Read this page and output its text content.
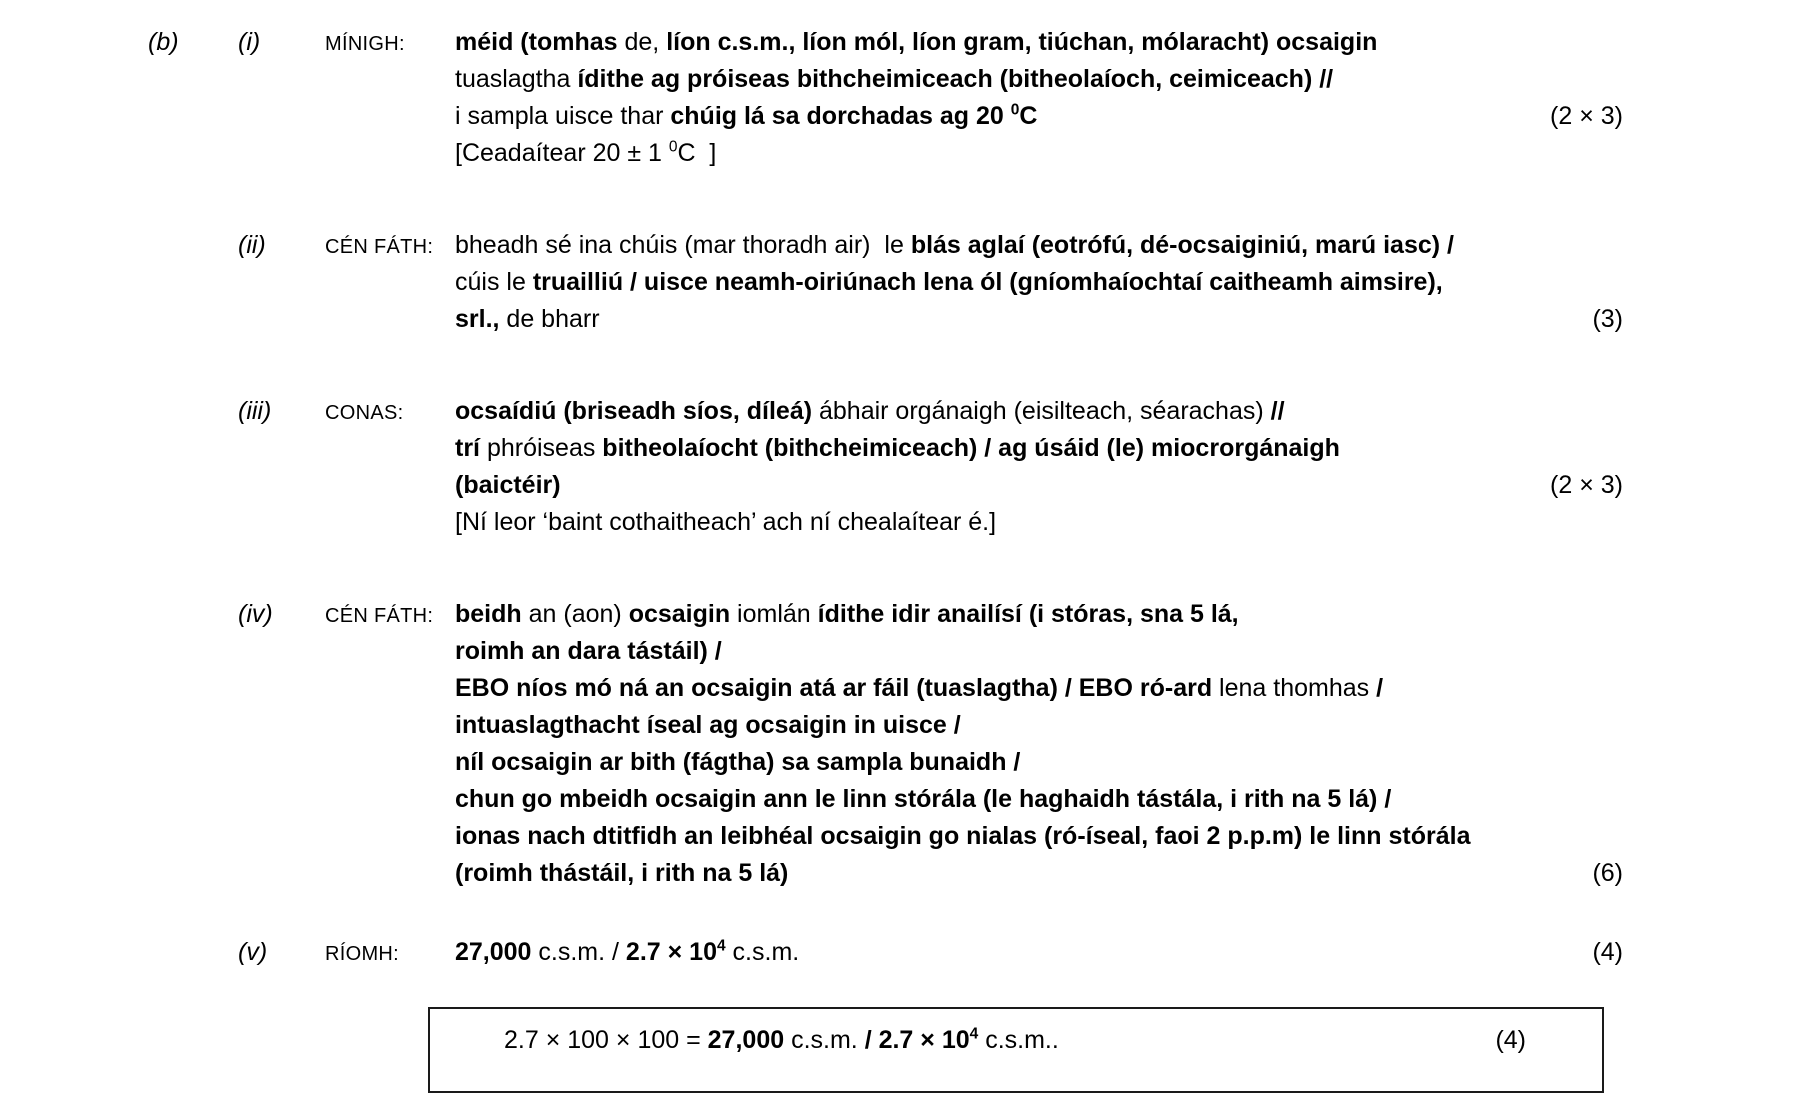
(b)	(i)	MÍNIGH:	méid (tomhas de, líon c.s.m., líon mól, líon gram, tiúchan, mólaracht) ocsaigin
tuaslagtha ídithe ag próiseas bithcheimiceach (bitheolaíoch, ceimiceach) //
i sampla uisce thar chúig lá sa dorchadas ag 20 $^0$C	(2 × 3)
[Ceadaítear 20 ± 1 $^0$C  ]
(ii)	CÉN FÁTH: bheadh sé ina chúis (mar thoradh air)  le blás aglaí (eotrófú, dé-ocsaiginiú, marú iasc) /
cúis le truailliú / uisce neamh-oiriúnach lena ól (gníomhaíochtaí caitheamh aimsire),
srl., de bharr	(3)
(iii)	CONAS:	ocsaídiú (briseadh síos, díleá) ábhair orgánaigh (eisilteach, séarachas) //
trí phróiseas bitheolaíocht (bithcheimiceach) / ag úsáid (le) miocrorgánaigh
(baictéir)	(2 × 3)
[Ní leor ‘baint cothaitheach’ ach ní chealaítear é.]
(iv)	CÉN FÁTH: beidh an (aon) ocsaigin iomlán ídithe idir anailísí (i stóras, sna 5 lá,
roimh an dara tástáil) /
EBO níos mó ná an ocsaigin atá ar fáil (tuaslagtha) / EBO ró-ard lena thomhas /
intuaslagthacht íseal ag ocsaigin in uisce /
níl ocsaigin ar bith (fágtha) sa sampla bunaidh /
chun go mbeidh ocsaigin ann le linn stórála (le haghaidh tástála, i rith na 5 lá) /
ionas nach dtitfidh an leibhéal ocsaigin go nialas (ró-íseal, faoi 2 p.p.m) le linn stórála
(roimh thástáil, i rith na 5 lá)	(6)
(v)	RÍOMH:	27,000 c.s.m. / $2.7 \times 10^4$ c.s.m.	(4)
2.7 × 100 × 100 = 27,000 c.s.m. / $2.7 \times 10^4$ c.s.m..	(4)
